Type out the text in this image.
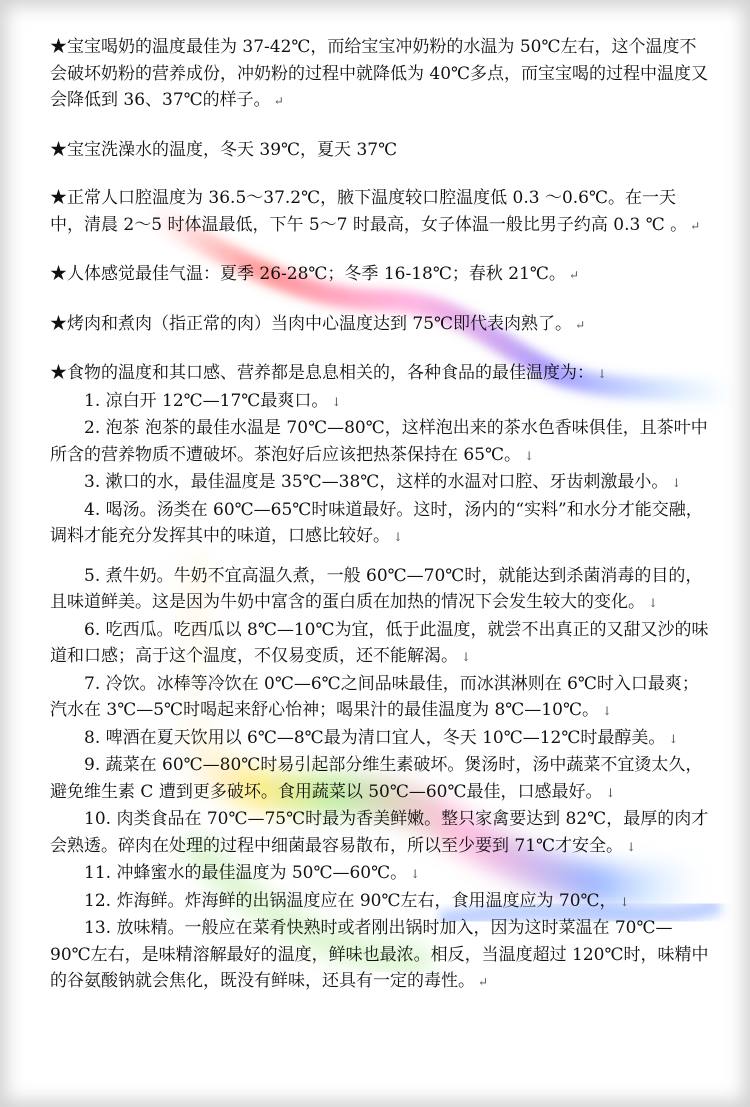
★宝宝喝奶的温度最佳为 37-42℃，而给宝宝冲奶粉的水温为 50℃左右，这个温度不会破坏奶粉的营养成份，冲奶粉的过程中就降低为 40℃多点，而宝宝喝的过程中温度又会降低到 36、37℃的样子。 ↵

★宝宝洗澡水的温度，冬天 39℃，夏天 37℃

★正常人口腔温度为 36.5～37.2℃，腋下温度较口腔温度低 0.3 ～0.6℃。在一天中，清晨 2～5 时体温最低，下午 5～7 时最高，女子体温一般比男子约高 0.3 ℃ 。 ↵

★人体感觉最佳气温：夏季 26-28℃；冬季 16-18℃；春秋 21℃。 ↵

★烤肉和煮肉（指正常的肉）当肉中心温度达到 75℃即代表肉熟了。 ↵

★食物的温度和其口感、营养都是息息相关的，各种食品的最佳温度为： ↓

1. 凉白开 12℃—17℃最爽口。 ↓

2. 泡茶 泡茶的最佳水温是 70℃—80℃，这样泡出来的茶水色香味俱佳，且茶叶中所含的营养物质不遭破坏。茶泡好后应该把热茶保持在 65℃。 ↓

3. 漱口的水，最佳温度是 35℃—38℃，这样的水温对口腔、牙齿刺激最小。 ↓

4. 喝汤。汤类在 60℃—65℃时味道最好。这时，汤内的“实料”和水分才能交融，调料才能充分发挥其中的味道，口感比较好。 ↓

5. 煮牛奶。牛奶不宜高温久煮，一般 60℃—70℃时，就能达到杀菌消毒的目的，且味道鲜美。这是因为牛奶中富含的蛋白质在加热的情况下会发生较大的变化。 ↓

6. 吃西瓜。吃西瓜以 8℃—10℃为宜，低于此温度，就尝不出真正的又甜又沙的味道和口感；高于这个温度，不仅易变质，还不能解渴。 ↓

7. 冷饮。冰棒等冷饮在 0℃—6℃之间品味最佳，而冰淇淋则在 6℃时入口最爽；汽水在 3℃—5℃时喝起来舒心怡神；喝果汁的最佳温度为 8℃—10℃。 ↓

8. 啤酒在夏天饮用以 6℃—8℃最为清口宜人，冬天 10℃—12℃时最醇美。 ↓

9. 蔬菜在 60℃—80℃时易引起部分维生素破坏。煲汤时，汤中蔬菜不宜烫太久，避免维生素 C 遭到更多破坏。食用蔬菜以 50℃—60℃最佳，口感最好。 ↓

10. 肉类食品在 70℃—75℃时最为香美鲜嫩。整只家禽要达到 82℃，最厚的肉才会熟透。碎肉在处理的过程中细菌最容易散布，所以至少要到 71℃才安全。 ↓

11. 冲蜂蜜水的最佳温度为 50℃—60℃。 ↓

12. 炸海鲜。炸海鲜的出锅温度应在 90℃左右，食用温度应为 70℃， ↓

13. 放味精。一般应在菜肴快熟时或者刚出锅时加入，因为这时菜温在 70℃—90℃左右，是味精溶解最好的温度，鲜味也最浓。相反，当温度超过 120℃时，味精中的谷氨酸钠就会焦化，既没有鲜味，还具有一定的毒性。 ↵
